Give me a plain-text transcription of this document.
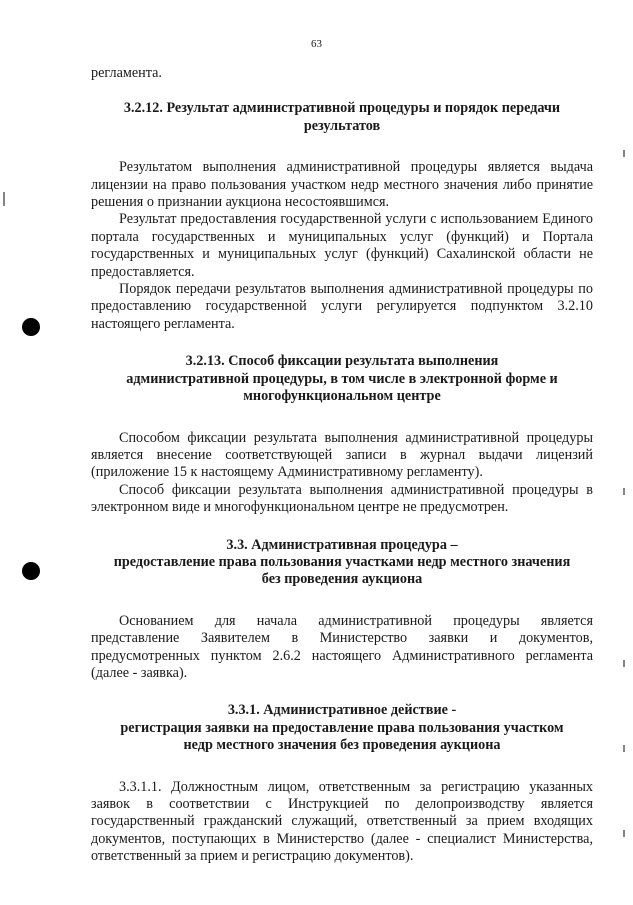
63

регламента.

3.2.12. Результат административной процедуры и порядок передачи
результатов

Результатом выполнения административной процедуры является выдача лицензии на право пользования участком недр местного значения либо принятие решения о признании аукциона несостоявшимся.

Результат предоставления государственной услуги с использованием Единого портала государственных и муниципальных услуг (функций) и Портала государственных и муниципальных услуг (функций) Сахалинской области не предоставляется.

Порядок передачи результатов выполнения административной процедуры по предоставлению государственной услуги регулируется подпунктом 3.2.10 настоящего регламента.

3.2.13. Способ фиксации результата выполнения
административной процедуры, в том числе в электронной форме и
многофункциональном центре

Способом фиксации результата выполнения административной процедуры является внесение соответствующей записи в журнал выдачи лицензий (приложение 15 к настоящему Административному регламенту).

Способ фиксации результата выполнения административной процедуры в электронном виде и многофункциональном центре не предусмотрен.

3.3. Административная процедура –
предоставление права пользования участками недр местного значения
без проведения аукциона

Основанием для начала административной процедуры является представление Заявителем в Министерство заявки и документов, предусмотренных пунктом 2.6.2 настоящего Административного регламента (далее - заявка).

3.3.1. Административное действие -
регистрация заявки на предоставление права пользования участком
недр местного значения без проведения аукциона

3.3.1.1. Должностным лицом, ответственным за регистрацию указанных заявок в соответствии с Инструкцией по делопроизводству является государственный гражданский служащий, ответственный за прием входящих документов, поступающих в Министерство (далее - специалист Министерства, ответственный за прием и регистрацию документов).
